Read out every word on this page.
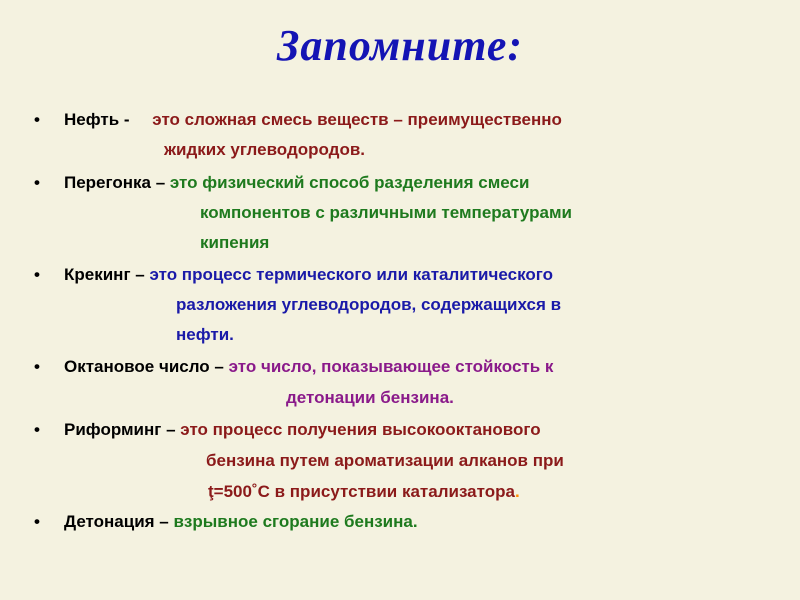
Запомните:
• Нефть - это сложная смесь веществ – преимущественно
жидких углеводородов.
• Перегонка – это физический способ разделения смеси
компонентов с различными температурами
кипения
• Крекинг – это процесс термического или каталитического
разложения углеводородов, содержащихся в
нефти.
• Октановое число – это число, показывающее стойкость к
детонации бензина.
• Риформинг – это процесс получения высокооктанового
бензина путем ароматизации алканов при
ţ=500˚C в присутствии катализатора.
• Детонация – взрывное сгорание бензина.
